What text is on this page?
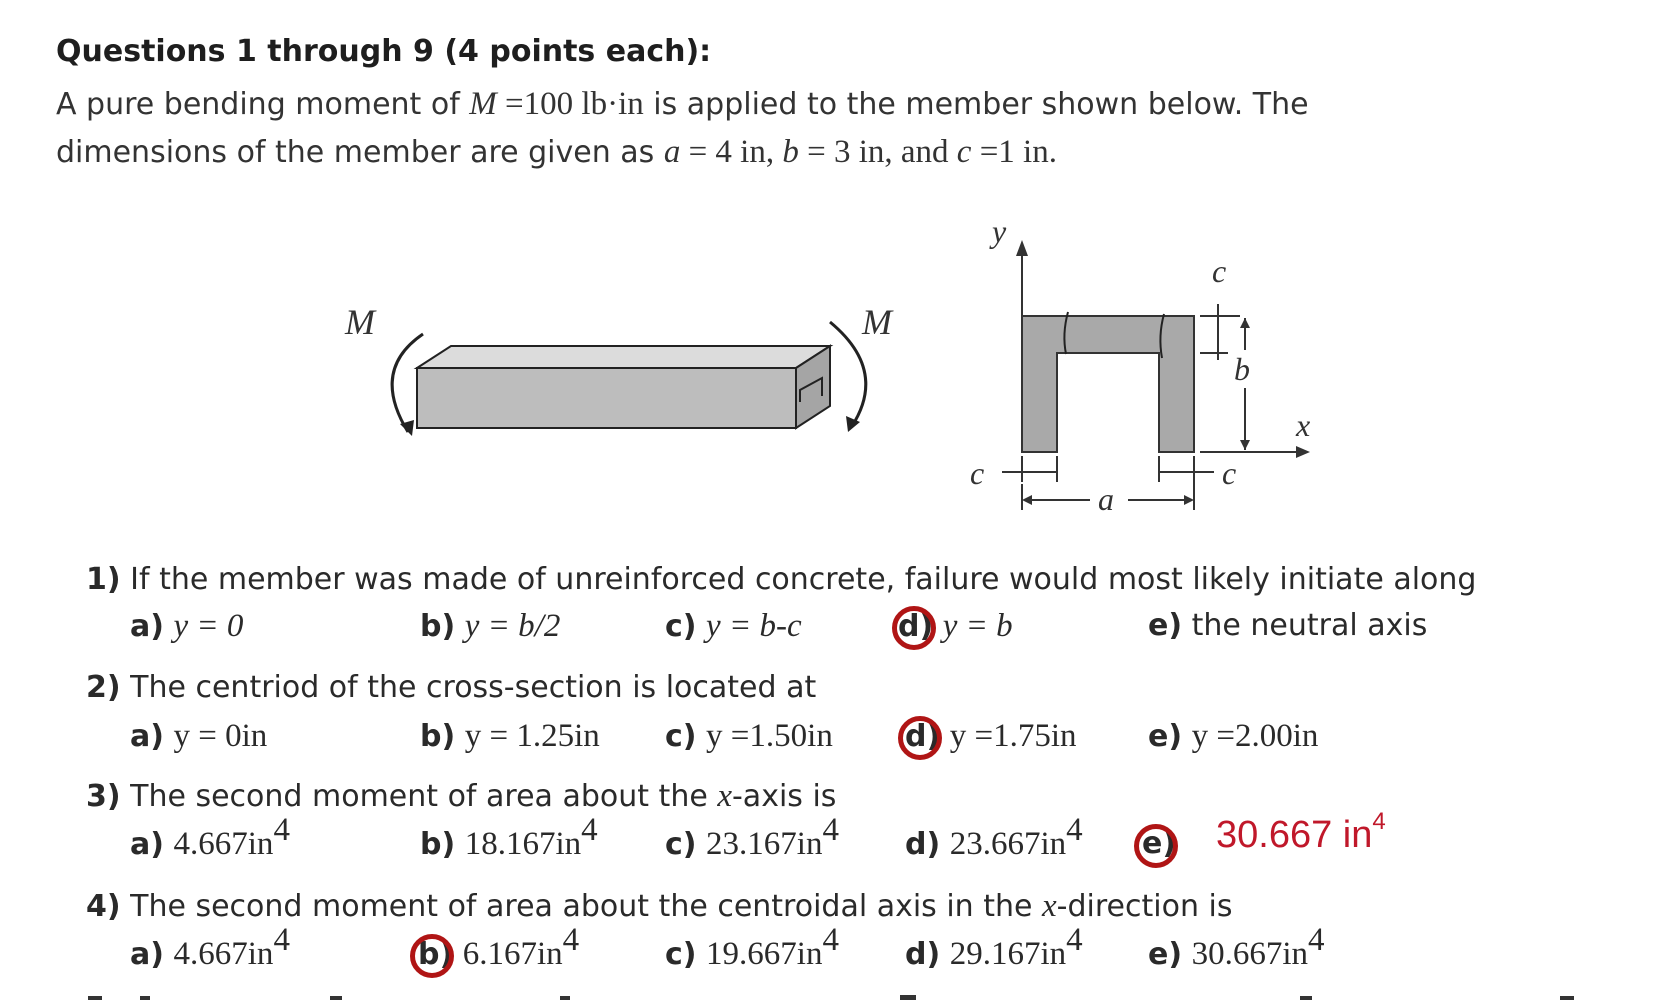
Questions 1 through 9 (4 points each):
A pure bending moment of M =100 lb·in is applied to the member shown below. The
dimensions of the member are given as a = 4 in, b = 3 in, and c =1 in.
M	M
y
x
c
b
c	c
a
1) If the member was made of unreinforced concrete, failure would most likely initiate along
a) y = 0	b) y = b/2	c) y = b-c	d) y = b	e) the neutral axis
2) The centriod of the cross-section is located at
a) y = 0in	b) y = 1.25in c) y =1.50in d) y =1.75in e) y =2.00in
3) The second moment of area about the x-axis is
a) $4.667in^4$	b) $18.167in^4$ c) $23.167in^4$ d) $23.667in^4$ e) 30.667 $in^4$
4) The second moment of area about the centroidal axis in the x-direction is
a) $4.667in^4$	b) $6.167in^4$	c) $19.667in^4$ d) $29.167in^4$ e) $30.667in^4$
